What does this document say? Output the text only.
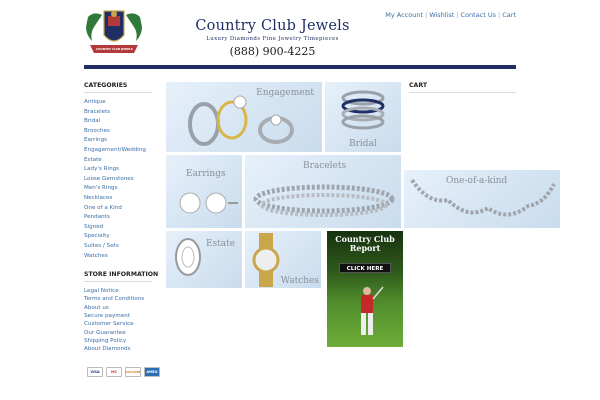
COUNTRY CLUB JEWELS
Country Club Jewels
Luxury Diamonds Fine Jewelry Timepieces
(888) 900-4225
My Account | Wishlist | Contact Us | Cart
CATEGORIES
Antique
Bracelets
Bridal
Brooches
Earrings
Engagement/Wedding
Estate
Lady's Rings
Loose Gemstones
Men's Rings
Necklaces
One of a Kind
Pendants
Signed
Specialty
Suites / Sets
Watches
STORE INFORMATION
Legal Notice
Terms and Conditions
About us
Secure payment
Customer Service
Our Guarantee
Shipping Policy
About Diamonds
VISA	MC	DISCOVER	AMEX
CART
Engagement
Bridal
Earrings
Bracelets
One-of-a-kind
Estate
Watches
Country Club
Report
CLICK HERE
